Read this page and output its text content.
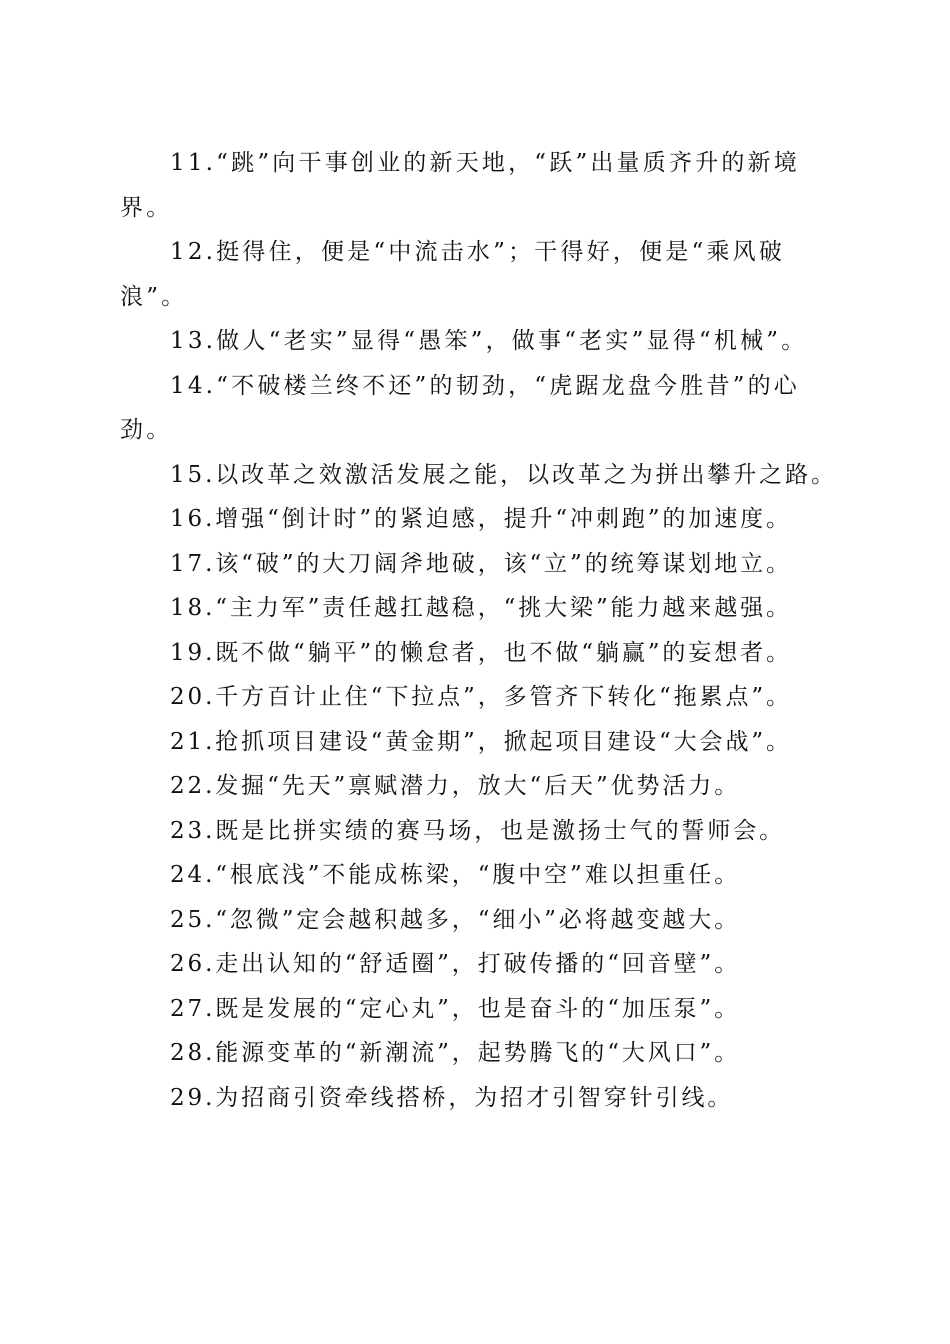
11.“跳”向干事创业的新天地，“跃”出量质齐升的新境界。

12.挺得住，便是“中流击水”；干得好，便是“乘风破浪”。

13.做人“老实”显得“愚笨”，做事“老实”显得“机械”。

14.“不破楼兰终不还”的韧劲，“虎踞龙盘今胜昔”的心劲。

15.以改革之效激活发展之能，以改革之为拼出攀升之路。

16.增强“倒计时”的紧迫感，提升“冲刺跑”的加速度。

17.该“破”的大刀阔斧地破，该“立”的统筹谋划地立。

18.“主力军”责任越扛越稳，“挑大梁”能力越来越强。

19.既不做“躺平”的懒怠者，也不做“躺赢”的妄想者。

20.千方百计止住“下拉点”，多管齐下转化“拖累点”。

21.抢抓项目建设“黄金期”，掀起项目建设“大会战”。

22.发掘“先天”禀赋潜力，放大“后天”优势活力。

23.既是比拼实绩的赛马场，也是激扬士气的誓师会。

24.“根底浅”不能成栋梁，“腹中空”难以担重任。

25.“忽微”定会越积越多，“细小”必将越变越大。

26.走出认知的“舒适圈”，打破传播的“回音壁”。

27.既是发展的“定心丸”，也是奋斗的“加压泵”。

28.能源变革的“新潮流”，起势腾飞的“大风口”。

29.为招商引资牵线搭桥，为招才引智穿针引线。
